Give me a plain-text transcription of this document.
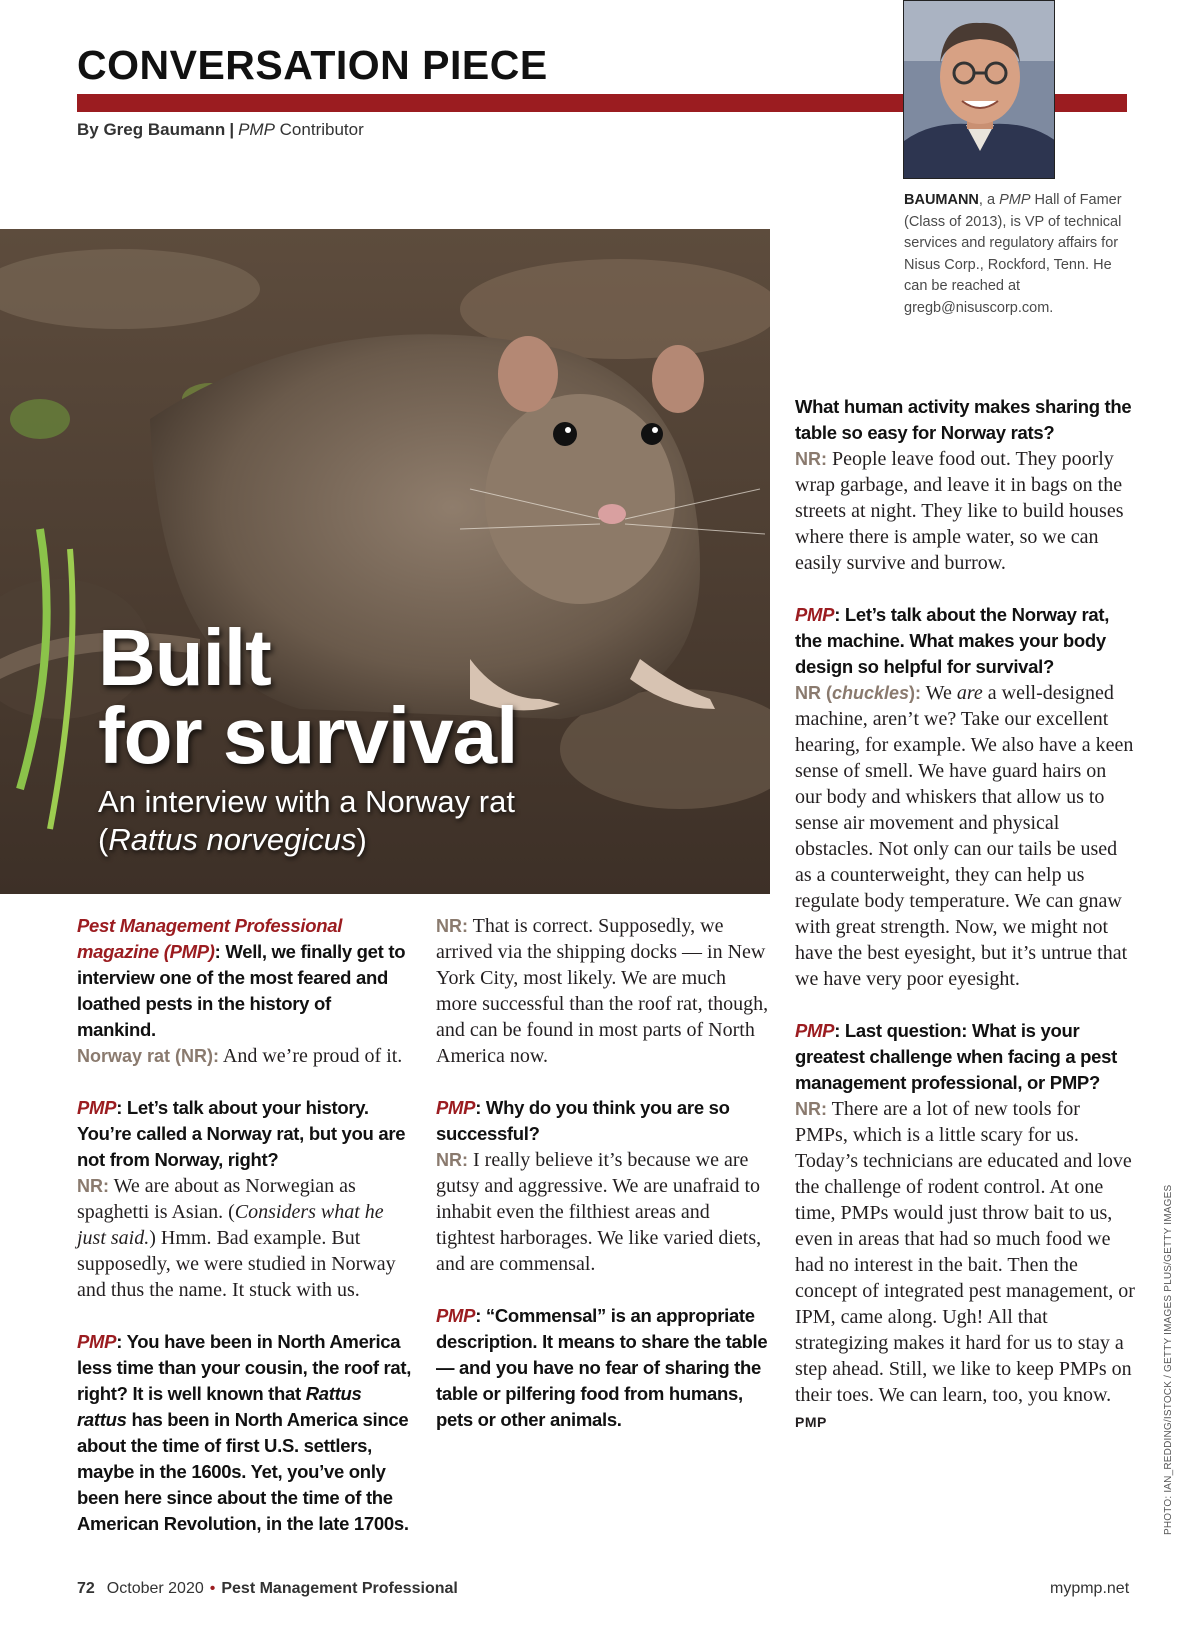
CONVERSATION PIECE
By Greg Baumann | PMP Contributor
BAUMANN, a PMP Hall of Famer (Class of 2013), is VP of technical services and regulatory affairs for Nisus Corp., Rockford, Tenn. He can be reached at gregb@nisuscorp.com.
Built
for survival
An interview with a Norway rat
(Rattus norvegicus)

Pest Management Professional magazine (PMP): Well, we finally get to interview one of the most feared and loathed pests in the history of mankind.
Norway rat (NR): And we’re proud of it.

PMP: Let’s talk about your history. You’re called a Norway rat, but you are not from Norway, right?
NR: We are about as Norwegian as spaghetti is Asian. (Considers what he just said.) Hmm. Bad example. But supposedly, we were studied in Norway and thus the name. It stuck with us.

PMP: You have been in North America less time than your cousin, the roof rat, right? It is well known that Rattus rattus has been in North America since about the time of first U.S. settlers, maybe in the 1600s. Yet, you’ve only been here since about the time of the American Revolution, in the late 1700s.

NR: That is correct. Supposedly, we arrived via the shipping docks — in New York City, most likely. We are much more successful than the roof rat, though, and can be found in most parts of North America now.

PMP: Why do you think you are so successful?
NR: I really believe it’s because we are gutsy and aggressive. We are unafraid to inhabit even the filthiest areas and tightest harborages. We like varied diets, and are commensal.

PMP: “Commensal” is an appropriate description. It means to share the table — and you have no fear of sharing the table or pilfering food from humans, pets or other animals.

What human activity makes sharing the table so easy for Norway rats?
NR: People leave food out. They poorly wrap garbage, and leave it in bags on the streets at night. They like to build houses where there is ample water, so we can easily survive and burrow.

PMP: Let’s talk about the Norway rat, the machine. What makes your body design so helpful for survival?
NR (chuckles): We are a well-designed machine, aren’t we? Take our excellent hearing, for example. We also have a keen sense of smell. We have guard hairs on our body and whiskers that allow us to sense air movement and physical obstacles. Not only can our tails be used as a counterweight, they can help us regulate body temperature. We can gnaw with great strength. Now, we might not have the best eyesight, but it’s untrue that we have very poor eyesight.

PMP: Last question: What is your greatest challenge when facing a pest management professional, or PMP?
NR: There are a lot of new tools for PMPs, which is a little scary for us. Today’s technicians are educated and love the challenge of rodent control. At one time, PMPs would just throw bait to us, even in areas that had so much food we had no interest in the bait. Then the concept of integrated pest management, or IPM, came along. Ugh! All that strategizing makes it hard for us to stay a step ahead. Still, we like to keep PMPs on their toes. We can learn, too, you know. PMP	PHOTO: IAN_REDDING/ISTOCK / GETTY IMAGES PLUS/GETTY IMAGES
72 October 2020 • Pest Management Professional	mypmp.net
